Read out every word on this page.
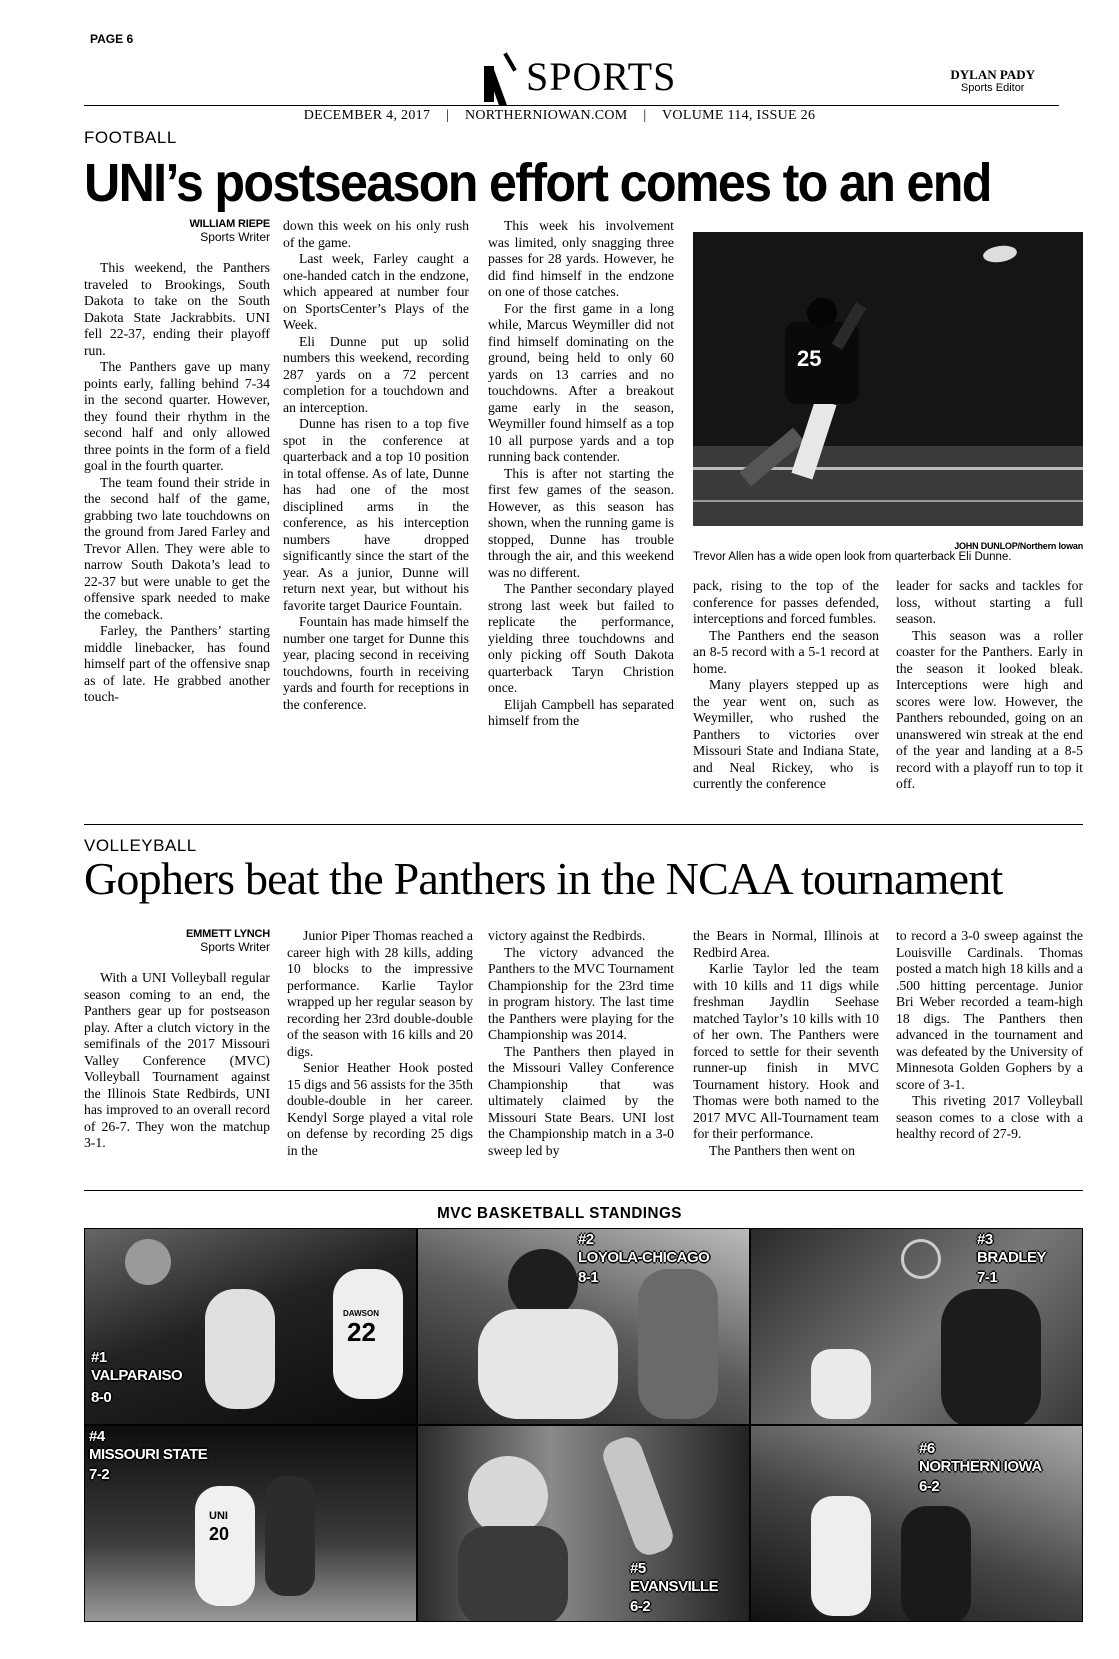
PAGE 6
SPORTS	DYLAN PADY
Sports Editor
DECEMBER 4, 2017 | NORTHERNIOWAN.COM | VOLUME 114, ISSUE 26
FOOTBALL
UNI’s postseason effort comes to an end
WILLIAM RIEPE
Sports Writer

This weekend, the Panthers traveled to Brookings, South Dakota to take on the South Dakota State Jackrabbits. UNI fell 22-37, ending their playoff run.

The Panthers gave up many points early, falling behind 7-34 in the second quarter. However, they found their rhythm in the second half and only allowed three points in the form of a field goal in the fourth quarter.

The team found their stride in the second half of the game, grabbing two late touchdowns on the ground from Jared Farley and Trevor Allen. They were able to narrow South Dakota’s lead to 22-37 but were unable to get the offensive spark needed to make the comeback.

Farley, the Panthers’ starting middle linebacker, has found himself part of the offensive snap as of late. He grabbed another touch-

down this week on his only rush of the game.

Last week, Farley caught a one-handed catch in the endzone, which appeared at number four on SportsCenter’s Plays of the Week.

Eli Dunne put up solid numbers this weekend, recording 287 yards on a 72 percent completion for a touchdown and an interception.

Dunne has risen to a top five spot in the conference at quarterback and a top 10 position in total offense. As of late, Dunne has had one of the most disciplined arms in the conference, as his interception numbers have dropped significantly since the start of the year. As a junior, Dunne will return next year, but without his favorite target Daurice Fountain.

Fountain has made himself the number one target for Dunne this year, placing second in receiving touchdowns, fourth in receiving yards and fourth for receptions in the conference.

This week his involvement was limited, only snagging three passes for 28 yards. However, he did find himself in the endzone on one of those catches.

For the first game in a long while, Marcus Weymiller did not find himself dominating on the ground, being held to only 60 yards on 13 carries and no touchdowns. After a breakout game early in the season, Weymiller found himself as a top 10 all purpose yards and a top running back contender.

This is after not starting the first few games of the season. However, as this season has shown, when the running game is stopped, Dunne has trouble through the air, and this weekend was no different.

The Panther secondary played strong last week but failed to replicate the performance, yielding three touchdowns and only picking off South Dakota quarterback Taryn Christion once.

Elijah Campbell has separated himself from the

25
JOHN DUNLOP/Northern Iowan
Trevor Allen has a wide open look from quarterback Eli Dunne.

pack, rising to the top of the conference for passes defended, interceptions and forced fumbles.

The Panthers end the season an 8-5 record with a 5-1 record at home.

Many players stepped up as the year went on, such as Weymiller, who rushed the Panthers to victories over Missouri State and Indiana State, and Neal Rickey, who is currently the conference

leader for sacks and tackles for loss, without starting a full season.

This season was a roller coaster for the Panthers. Early in the season it looked bleak. Interceptions were high and scores were low. However, the Panthers rebounded, going on an unanswered win streak at the end of the year and landing at a 8-5 record with a playoff run to top it off.

VOLLEYBALL
Gophers beat the Panthers in the NCAA tournament
EMMETT LYNCH
Sports Writer

With a UNI Volleyball regular season coming to an end, the Panthers gear up for postseason play. After a clutch victory in the semifinals of the 2017 Missouri Valley Conference (MVC) Volleyball Tournament against the Illinois State Redbirds, UNI has improved to an overall record of 26-7. They won the matchup 3-1.

Junior Piper Thomas reached a career high with 28 kills, adding 10 blocks to the impressive performance. Karlie Taylor wrapped up her regular season by recording her 23rd double-double of the season with 16 kills and 20 digs.

Senior Heather Hook posted 15 digs and 56 assists for the 35th double-double in her career. Kendyl Sorge played a vital role on defense by recording 25 digs in the

victory against the Redbirds.

The victory advanced the Panthers to the MVC Tournament Championship for the 23rd time in program history. The last time the Panthers were playing for the Championship was 2014.

The Panthers then played in the Missouri Valley Conference Championship that was ultimately claimed by the Missouri State Bears. UNI lost the Championship match in a 3-0 sweep led by

the Bears in Normal, Illinois at Redbird Area.

Karlie Taylor led the team with 10 kills and 11 digs while freshman Jaydlin Seehase matched Taylor’s 10 kills with 10 of her own. The Panthers were forced to settle for their seventh runner-up finish in MVC Tournament history. Hook and Thomas were both named to the 2017 MVC All-Tournament team for their performance.

The Panthers then went on

to record a 3-0 sweep against the Louisville Cardinals. Thomas posted a match high 18 kills and a .500 hitting percentage. Junior Bri Weber recorded a team-high 18 digs. The Panthers then advanced in the tournament and was defeated by the University of Minnesota Golden Gophers by a score of 3-1.

This riveting 2017 Volleyball season comes to a close with a healthy record of 27-9.

MVC BASKETBALL STANDINGS
DAWSON
22
#1
VALPARAISO
8-0
#2
LOYOLA-CHICAGO
8-1
#3
BRADLEY
7-1
UNI
20
#4
MISSOURI STATE
7-2
#5
EVANSVILLE
6-2
#6
NORTHERN IOWA
6-2
